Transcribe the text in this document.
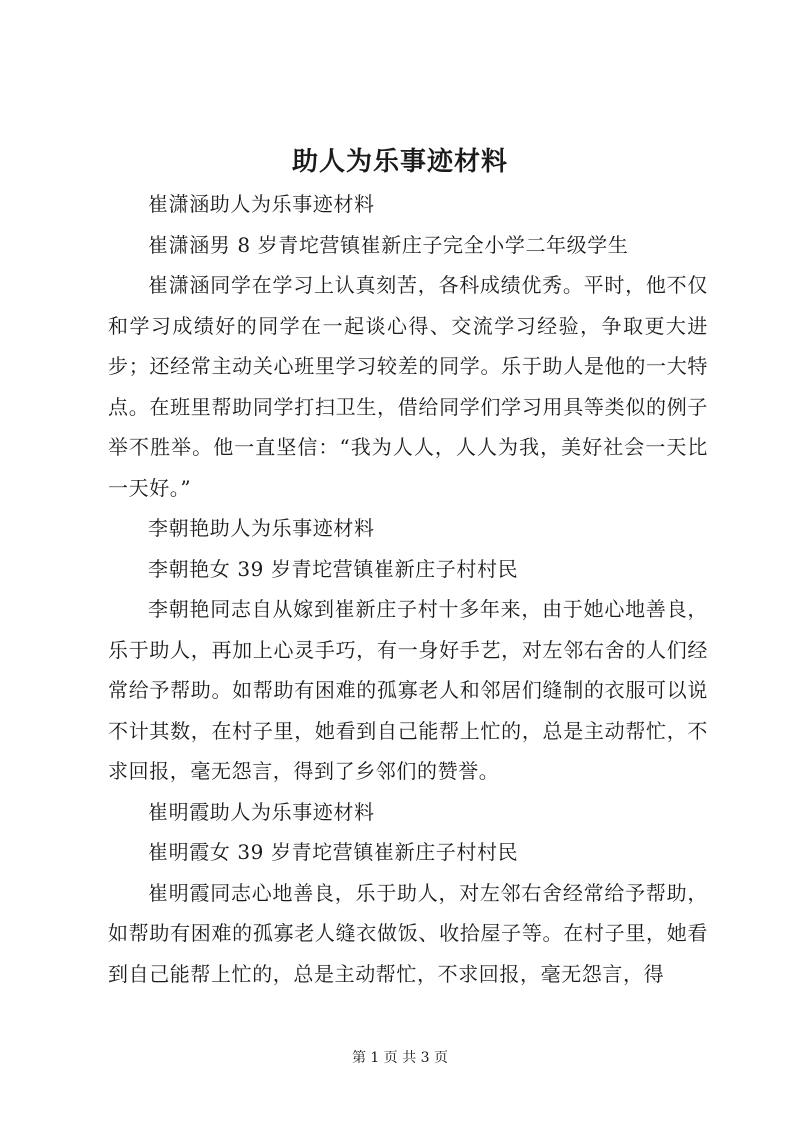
助人为乐事迹材料

崔潇涵助人为乐事迹材料

崔潇涵男 8 岁青坨营镇崔新庄子完全小学二年级学生

崔潇涵同学在学习上认真刻苦，各科成绩优秀。平时，他不仅和学习成绩好的同学在一起谈心得、交流学习经验，争取更大进步；还经常主动关心班里学习较差的同学。乐于助人是他的一大特点。在班里帮助同学打扫卫生，借给同学们学习用具等类似的例子举不胜举。他一直坚信：“我为人人，人人为我，美好社会一天比一天好。”

李朝艳助人为乐事迹材料

李朝艳女 39 岁青坨营镇崔新庄子村村民

李朝艳同志自从嫁到崔新庄子村十多年来，由于她心地善良，乐于助人，再加上心灵手巧，有一身好手艺，对左邻右舍的人们经常给予帮助。如帮助有困难的孤寡老人和邻居们缝制的衣服可以说不计其数，在村子里，她看到自己能帮上忙的，总是主动帮忙，不求回报，毫无怨言，得到了乡邻们的赞誉。

崔明霞助人为乐事迹材料

崔明霞女 39 岁青坨营镇崔新庄子村村民

崔明霞同志心地善良，乐于助人，对左邻右舍经常给予帮助，如帮助有困难的孤寡老人缝衣做饭、收拾屋子等。在村子里，她看到自己能帮上忙的，总是主动帮忙，不求回报，毫无怨言，得

第 1 页 共 3 页
